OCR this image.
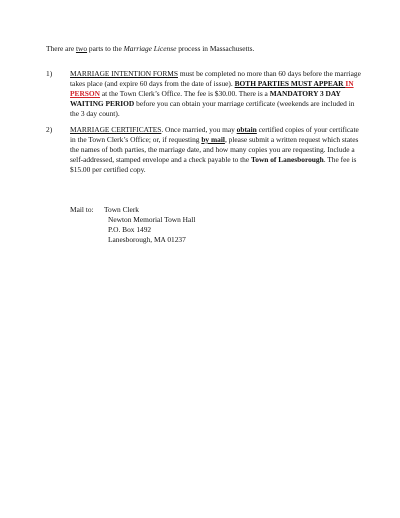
There are two parts to the Marriage License process in Massachusetts.

1) MARRIAGE INTENTION FORMS must be completed no more than 60 days before the marriage takes place (and expire 60 days from the date of issue). BOTH PARTIES MUST APPEAR IN PERSON at the Town Clerk’s Office. The fee is $30.00. There is a MANDATORY 3 DAY WAITING PERIOD before you can obtain your marriage certificate (weekends are included in the 3 day count).
2) MARRIAGE CERTIFICATES. Once married, you may obtain certified copies of your certificate in the Town Clerk’s Office; or, if requesting by mail, please submit a written request which states the names of both parties, the marriage date, and how many copies you are requesting. Include a self-addressed, stamped envelope and a check payable to the Town of Lanesborough. The fee is $15.00 per certified copy.
Mail to: Town Clerk
Newton Memorial Town Hall
P.O. Box 1492
Lanesborough, MA 01237
